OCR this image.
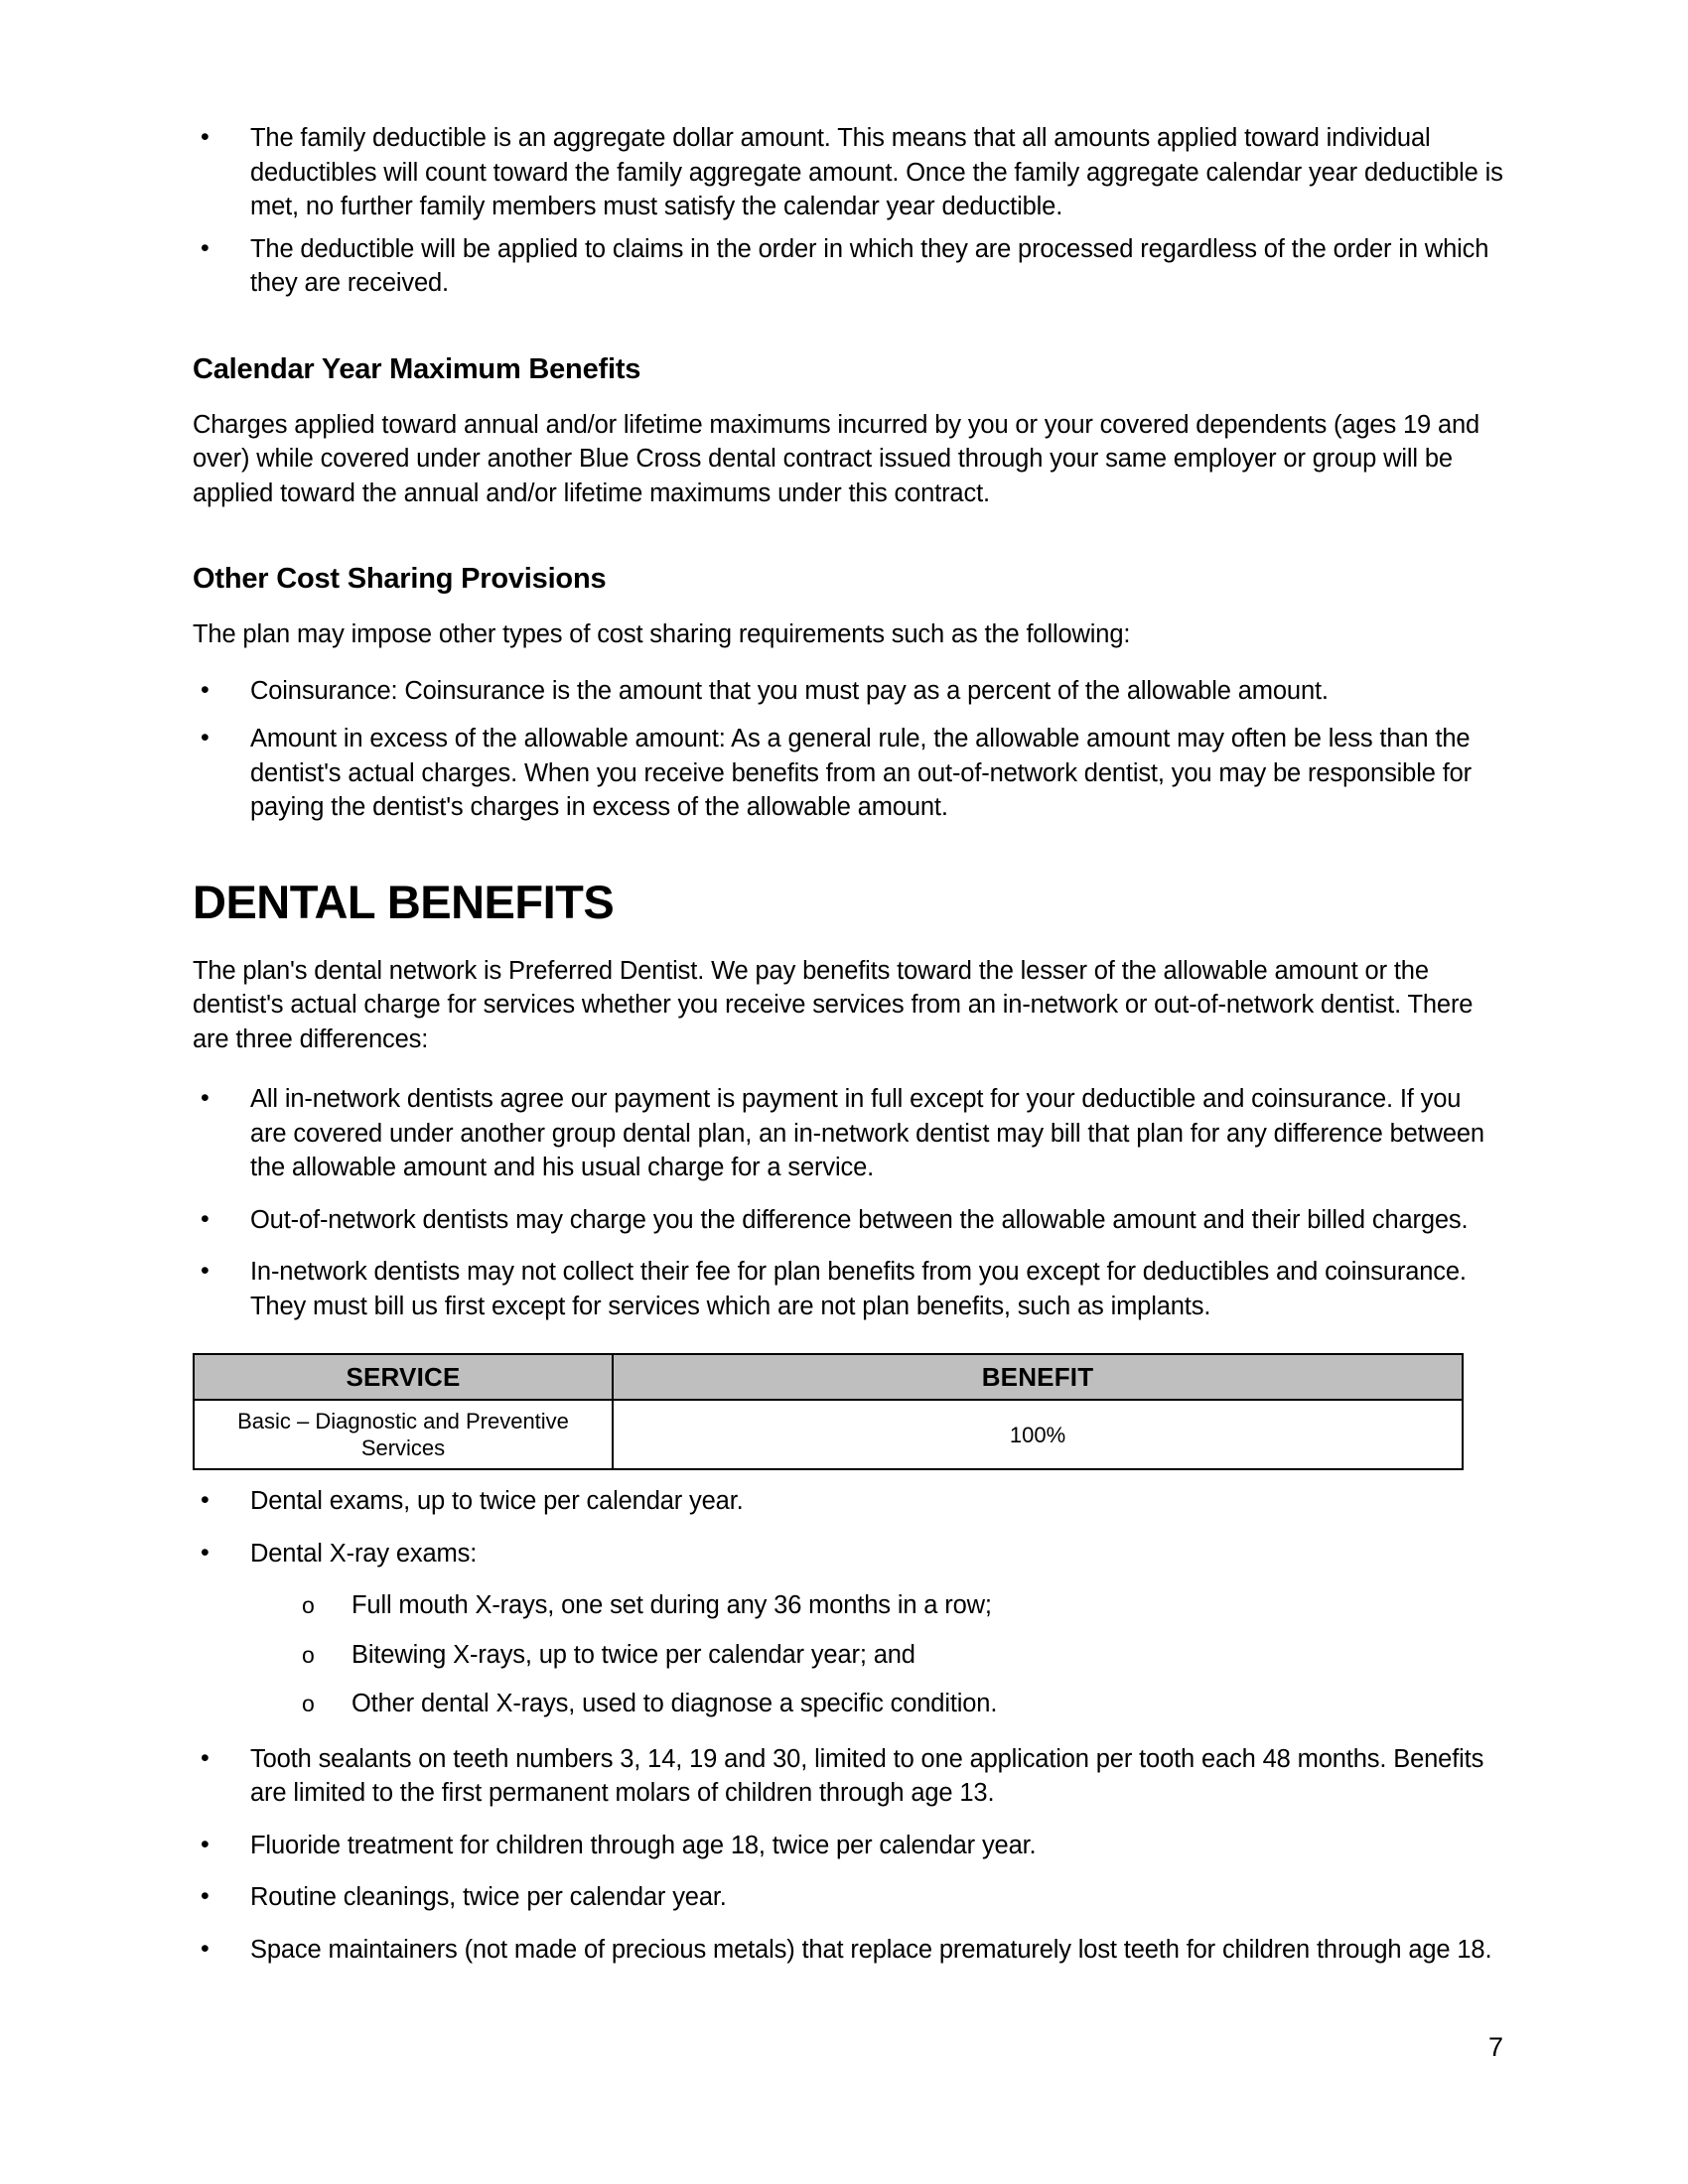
• The family deductible is an aggregate dollar amount. This means that all amounts applied toward individual deductibles will count toward the family aggregate amount. Once the family aggregate calendar year deductible is met, no further family members must satisfy the calendar year deductible.
• The deductible will be applied to claims in the order in which they are processed regardless of the order in which they are received.
Calendar Year Maximum Benefits

Charges applied toward annual and/or lifetime maximums incurred by you or your covered dependents (ages 19 and over) while covered under another Blue Cross dental contract issued through your same employer or group will be applied toward the annual and/or lifetime maximums under this contract.

Other Cost Sharing Provisions

The plan may impose other types of cost sharing requirements such as the following:

• Coinsurance: Coinsurance is the amount that you must pay as a percent of the allowable amount.
• Amount in excess of the allowable amount: As a general rule, the allowable amount may often be less than the dentist's actual charges. When you receive benefits from an out-of-network dentist, you may be responsible for paying the dentist's charges in excess of the allowable amount.
DENTAL BENEFITS

The plan's dental network is Preferred Dentist. We pay benefits toward the lesser of the allowable amount or the dentist's actual charge for services whether you receive services from an in-network or out-of-network dentist. There are three differences:

• All in-network dentists agree our payment is payment in full except for your deductible and coinsurance. If you are covered under another group dental plan, an in-network dentist may bill that plan for any difference between the allowable amount and his usual charge for a service.
• Out-of-network dentists may charge you the difference between the allowable amount and their billed charges.
• In-network dentists may not collect their fee for plan benefits from you except for deductibles and coinsurance. They must bill us first except for services which are not plan benefits, such as implants.
SERVICE	BENEFIT
Basic – Diagnostic and Preventive Services	100%
• Dental exams, up to twice per calendar year.
• Dental X-ray exams:
o Full mouth X-rays, one set during any 36 months in a row;
o Bitewing X-rays, up to twice per calendar year; and
o Other dental X-rays, used to diagnose a specific condition.
• Tooth sealants on teeth numbers 3, 14, 19 and 30, limited to one application per tooth each 48 months. Benefits are limited to the first permanent molars of children through age 13.
• Fluoride treatment for children through age 18, twice per calendar year.
• Routine cleanings, twice per calendar year.
• Space maintainers (not made of precious metals) that replace prematurely lost teeth for children through age 18.
7
